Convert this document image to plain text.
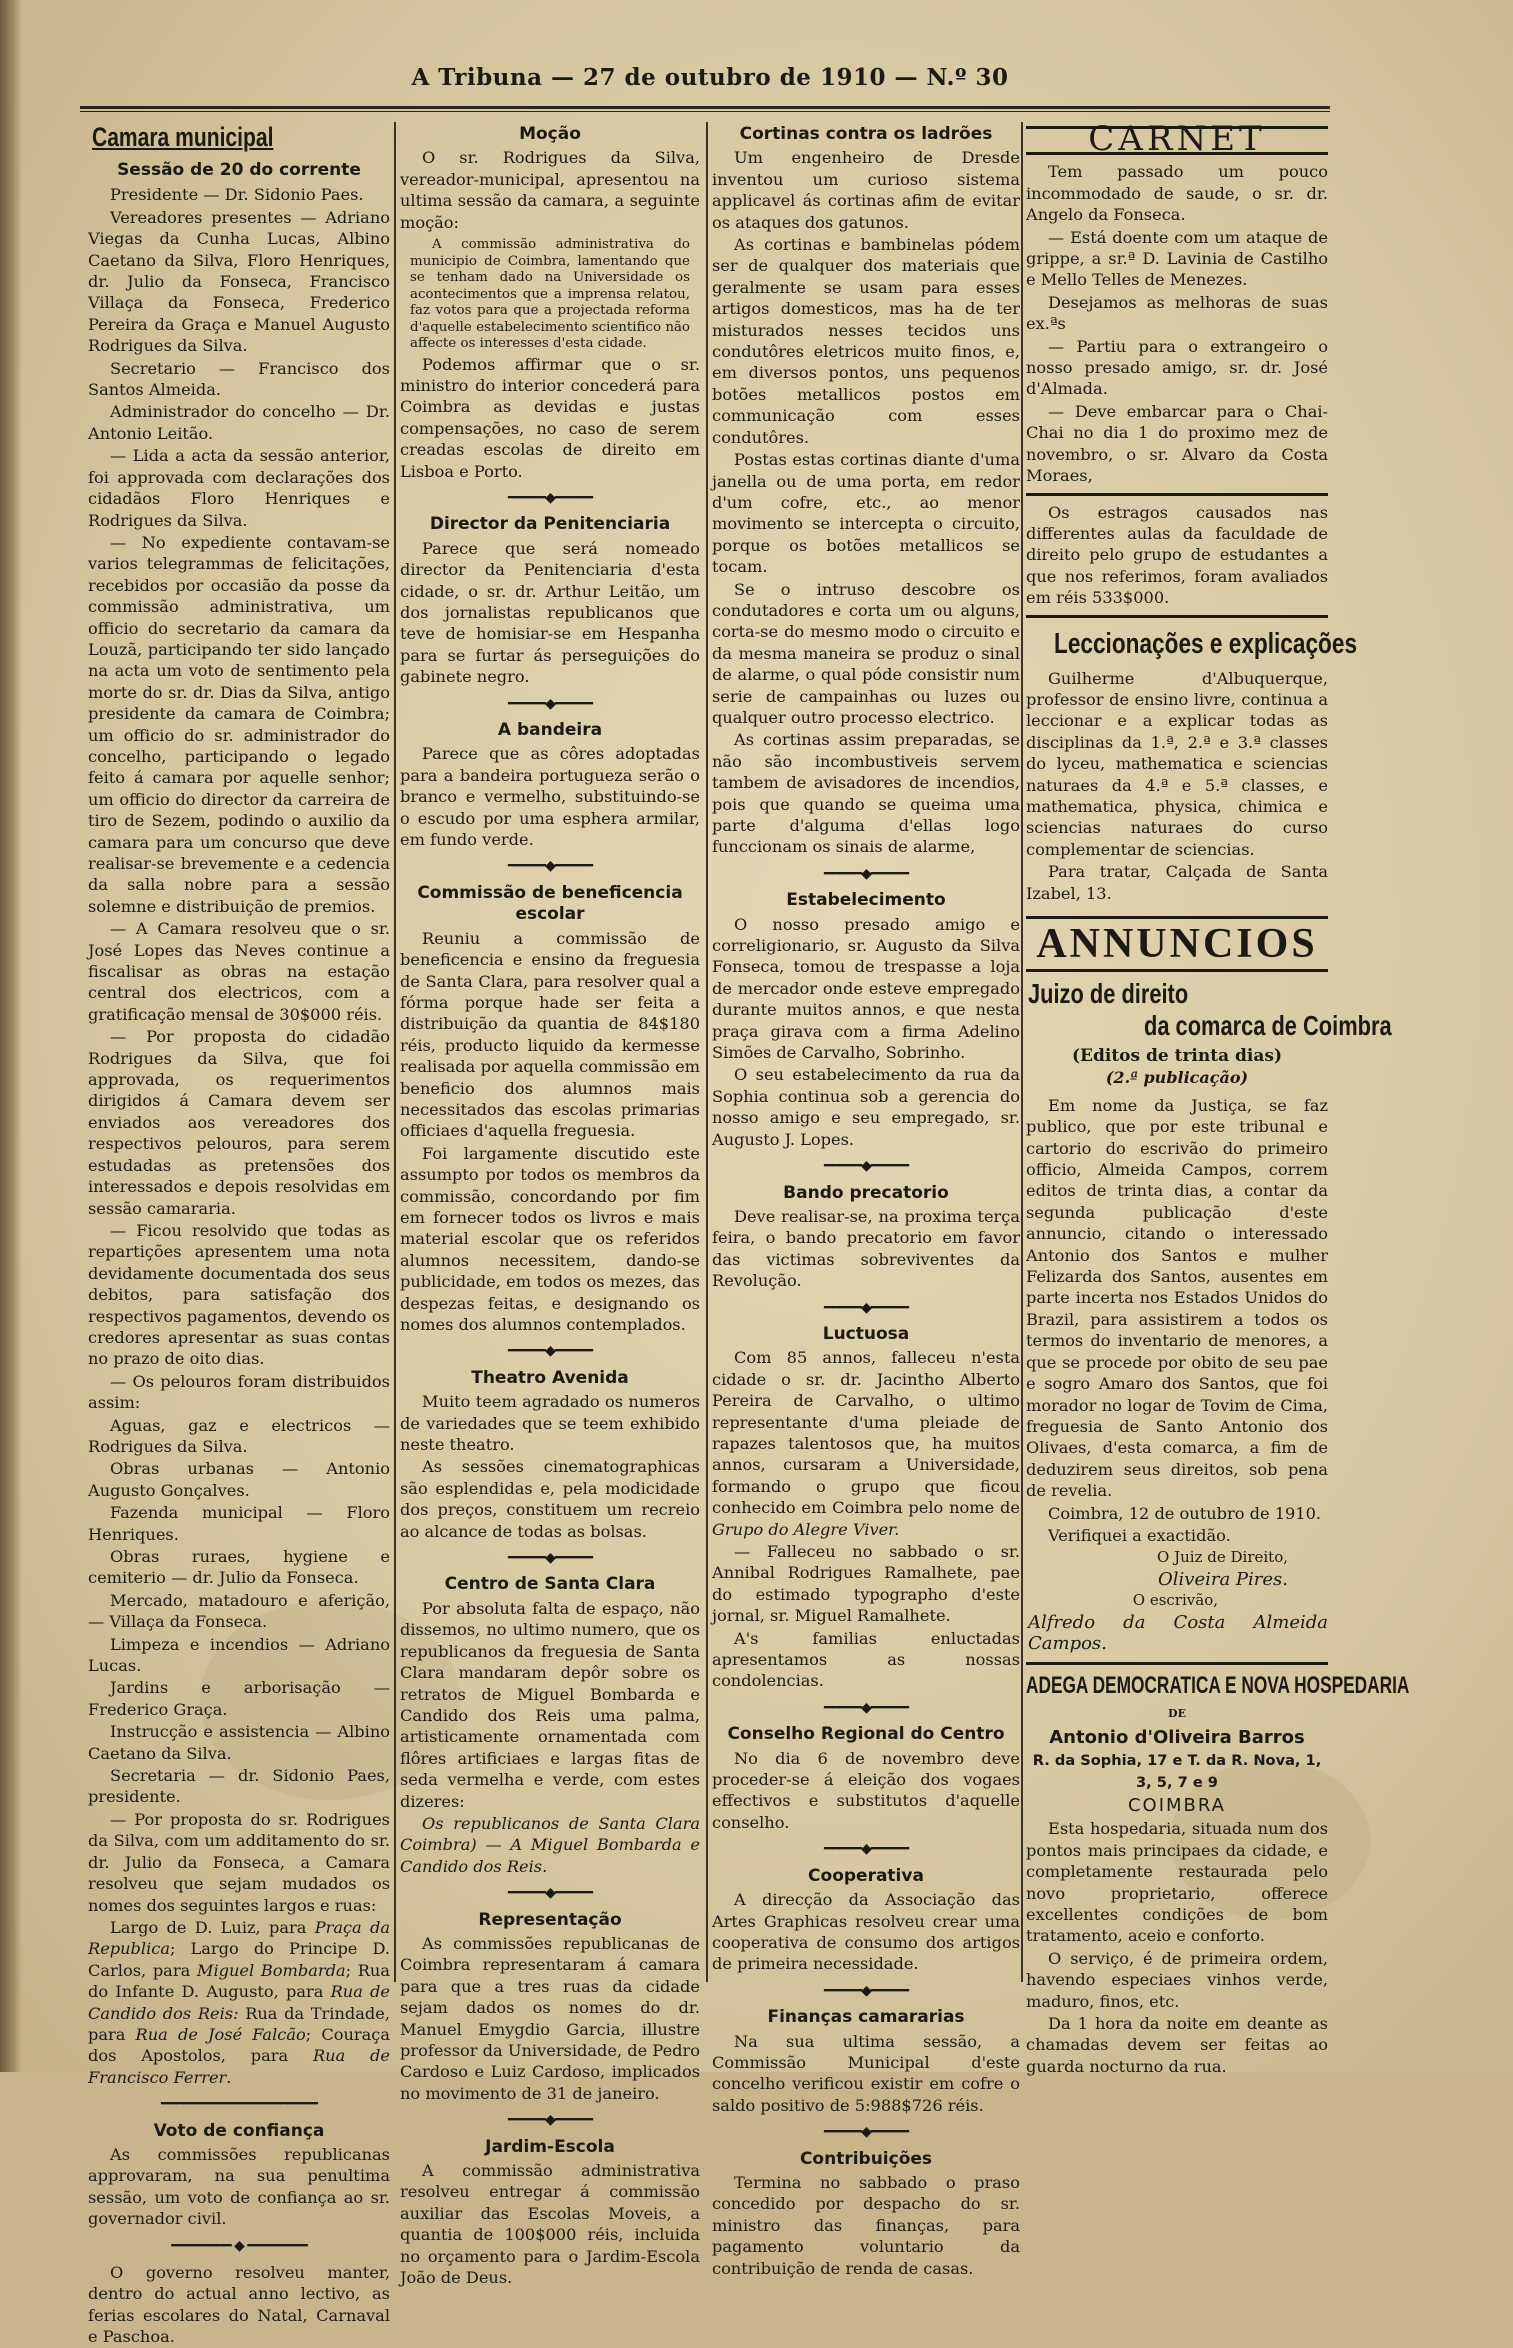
A Tribuna — 27 de outubro de 1910 — N.º 30
Camara municipal
Sessão de 20 do corrente

Presidente — Dr. Sidonio Paes.

Vereadores presentes — Adriano Viegas da Cunha Lucas, Albino Caetano da Silva, Floro Henriques, dr. Julio da Fonseca, Francisco Villaça da Fonseca, Frederico Pereira da Graça e Manuel Augusto Rodrigues da Silva.

Secretario — Francisco dos Santos Almeida.

Administrador do concelho — Dr. Antonio Leitão.

— Lida a acta da sessão anterior, foi approvada com declarações dos cidadãos Floro Henriques e Rodrigues da Silva.

— No expediente contavam-se varios telegrammas de felicitações, recebidos por occasião da posse da commissão administrativa, um officio do secretario da camara da Louzã, participando ter sido lançado na acta um voto de sentimento pela morte do sr. dr. Dias da Silva, antigo presidente da camara de Coimbra; um officio do sr. administrador do concelho, participando o legado feito á camara por aquelle senhor; um officio do director da carreira de tiro de Sezem, podindo o auxilio da camara para um concurso que deve realisar-se brevemente e a cedencia da salla nobre para a sessão solemne e distribuição de premios.

— A Camara resolveu que o sr. José Lopes das Neves continue a fiscalisar as obras na estação central dos electricos, com a gratificação mensal de 30$000 réis.

— Por proposta do cidadão Rodrigues da Silva, que foi approvada, os requerimentos dirigidos á Camara devem ser enviados aos vereadores dos respectivos pelouros, para serem estudadas as pretensões dos interessados e depois resolvidas em sessão camararia.

— Ficou resolvido que todas as repartições apresentem uma nota devidamente documentada dos seus debitos, para satisfação dos respectivos pagamentos, devendo os credores apresentar as suas contas no prazo de oito dias.

— Os pelouros foram distribuidos assim:

Aguas, gaz e electricos — Rodrigues da Silva.

Obras urbanas — Antonio Augusto Gonçalves.

Fazenda municipal — Floro Henriques.

Obras ruraes, hygiene e cemiterio — dr. Julio da Fonseca.

Mercado, matadouro e aferição, — Villaça da Fonseca.

Limpeza e incendios — Adriano Lucas.

Jardins e arborisação — Frederico Graça.

Instrucção e assistencia — Albino Caetano da Silva.

Secretaria — dr. Sidonio Paes, presidente.

— Por proposta do sr. Rodrigues da Silva, com um additamento do sr. dr. Julio da Fonseca, a Camara resolveu que sejam mudados os nomes dos seguintes largos e ruas:

Largo de D. Luiz, para Praça da Republica; Largo do Principe D. Carlos, para Miguel Bombarda; Rua do Infante D. Augusto, para Rua de Candido dos Reis: Rua da Trindade, para Rua de José Falcão; Couraça dos Apostolos, para Rua de Francisco Ferrer.

━━━━━━━━━━━━━━━━━━━━━
Voto de confiança

As commissões republicanas approvaram, na sua penultima sessão, um voto de confiança ao sr. governador civil.

━━━━━━━━ ◆ ━━━━━━━━

O governo resolveu manter, dentro do actual anno lectivo, as ferias escolares do Natal, Carnaval e Paschoa.

Moção

O sr. Rodrigues da Silva, vereador-municipal, apresentou na ultima sessão da camara, a seguinte moção:

A commissão administrativa do municipio de Coimbra, lamentando que se tenham dado na Universidade os acontecimentos que a imprensa relatou, faz votos para que a projectada reforma d'aquelle estabelecimento scientifico não affecte os interesses d'esta cidade.

Podemos affirmar que o sr. ministro do interior concederá para Coimbra as devidas e justas compensações, no caso de serem creadas escolas de direito em Lisboa e Porto.

━━━━━◆━━━━━
Director da Penitenciaria

Parece que será nomeado director da Penitenciaria d'esta cidade, o sr. dr. Arthur Leitão, um dos jornalistas republicanos que teve de homisiar-se em Hespanha para se furtar ás perseguições do gabinete negro.

━━━━━◆━━━━━
A bandeira

Parece que as côres adoptadas para a bandeira portugueza serão o branco e vermelho, substituindo-se o escudo por uma esphera armilar, em fundo verde.

━━━━━◆━━━━━
Commissão de beneficencia escolar

Reuniu a commissão de beneficencia e ensino da freguesia de Santa Clara, para resolver qual a fórma porque hade ser feita a distribuição da quantia de 84$180 réis, producto liquido da kermesse realisada por aquella commissão em beneficio dos alumnos mais necessitados das escolas primarias officiaes d'aquella freguesia.

Foi largamente discutido este assumpto por todos os membros da commissão, concordando por fim em fornecer todos os livros e mais material escolar que os referidos alumnos necessitem, dando-se publicidade, em todos os mezes, das despezas feitas, e designando os nomes dos alumnos contemplados.

━━━━━◆━━━━━
Theatro Avenida

Muito teem agradado os numeros de variedades que se teem exhibido neste theatro.

As sessões cinematographicas são esplendidas e, pela modicidade dos preços, constituem um recreio ao alcance de todas as bolsas.

━━━━━◆━━━━━
Centro de Santa Clara

Por absoluta falta de espaço, não dissemos, no ultimo numero, que os republicanos da freguesia de Santa Clara mandaram depôr sobre os retratos de Miguel Bombarda e Candido dos Reis uma palma, artisticamente ornamentada com flôres artificiaes e largas fitas de seda vermelha e verde, com estes dizeres:

Os republicanos de Santa Clara Coimbra) — A Miguel Bombarda e Candido dos Reis.

━━━━━◆━━━━━
Representação

As commissões republicanas de Coimbra representaram á camara para que a tres ruas da cidade sejam dados os nomes do dr. Manuel Emygdio Garcia, illustre professor da Universidade, de Pedro Cardoso e Luiz Cardoso, implicados no movimento de 31 de janeiro.

━━━━━◆━━━━━
Jardim-Escola

A commissão administrativa resolveu entregar á commissão auxiliar das Escolas Moveis, a quantia de 100$000 réis, incluida no orçamento para o Jardim-Escola João de Deus.

Cortinas contra os ladrões

Um engenheiro de Dresde inventou um curioso sistema applicavel ás cortinas afim de evitar os ataques dos gatunos.

As cortinas e bambinelas pódem ser de qualquer dos materiais que geralmente se usam para esses artigos domesticos, mas ha de ter misturados nesses tecidos uns condutôres eletricos muito finos, e, em diversos pontos, uns pequenos botões metallicos postos em communicação com esses condutôres.

Postas estas cortinas diante d'uma janella ou de uma porta, em redor d'um cofre, etc., ao menor movimento se intercepta o circuito, porque os botões metallicos se tocam.

Se o intruso descobre os condutadores e corta um ou alguns, corta-se do mesmo modo o circuito e da mesma maneira se produz o sinal de alarme, o qual póde consistir num serie de campainhas ou luzes ou qualquer outro processo electrico.

As cortinas assim preparadas, se não são incombustiveis servem tambem de avisadores de incendios, pois que quando se queima uma parte d'alguma d'ellas logo funccionam os sinais de alarme,

━━━━━◆━━━━━
Estabelecimento

O nosso presado amigo e correligionario, sr. Augusto da Silva Fonseca, tomou de trespasse a loja de mercador onde esteve empregado durante muitos annos, e que nesta praça girava com a firma Adelino Simões de Carvalho, Sobrinho.

O seu estabelecimento da rua da Sophia continua sob a gerencia do nosso amigo e seu empregado, sr. Augusto J. Lopes.

━━━━━◆━━━━━
Bando precatorio

Deve realisar-se, na proxima terça feira, o bando precatorio em favor das victimas sobreviventes da Revolução.

━━━━━◆━━━━━
Luctuosa

Com 85 annos, falleceu n'esta cidade o sr. dr. Jacintho Alberto Pereira de Carvalho, o ultimo representante d'uma pleiade de rapazes talentosos que, ha muitos annos, cursaram a Universidade, formando o grupo que ficou conhecido em Coimbra pelo nome de Grupo do Alegre Viver.

— Falleceu no sabbado o sr. Annibal Rodrigues Ramalhete, pae do estimado typographo d'este jornal, sr. Miguel Ramalhete.

A's familias enluctadas apresentamos as nossas condolencias.

━━━━━◆━━━━━
Conselho Regional do Centro

No dia 6 de novembro deve proceder-se á eleição dos vogaes effectivos e substitutos d'aquelle conselho.

━━━━━◆━━━━━
Cooperativa

A direcção da Associação das Artes Graphicas resolveu crear uma cooperativa de consumo dos artigos de primeira necessidade.

━━━━━◆━━━━━
Finanças camararias

Na sua ultima sessão, a Commissão Municipal d'este concelho verificou existir em cofre o saldo positivo de 5:988$726 réis.

━━━━━◆━━━━━
Contribuições

Termina no sabbado o praso concedido por despacho do sr. ministro das finanças, para pagamento voluntario da contribuição de renda de casas.

CARNET

Tem passado um pouco incommodado de saude, o sr. dr. Angelo da Fonseca.

— Está doente com um ataque de grippe, a sr.ª D. Lavinia de Castilho e Mello Telles de Menezes.

Desejamos as melhoras de suas ex.ªs

— Partiu para o extrangeiro o nosso presado amigo, sr. dr. José d'Almada.

— Deve embarcar para o Chai-Chai no dia 1 do proximo mez de novembro, o sr. Alvaro da Costa Moraes,

Os estragos causados nas differentes aulas da faculdade de direito pelo grupo de estudantes a que nos referimos, foram avaliados em réis 533$000.

Leccionações e explicações

Guilherme d'Albuquerque, professor de ensino livre, continua a leccionar e a explicar todas as disciplinas da 1.ª, 2.ª e 3.ª classes do lyceu, mathematica e sciencias naturaes da 4.ª e 5.ª classes, e mathematica, physica, chimica e sciencias naturaes do curso complementar de sciencias.

Para tratar, Calçada de Santa Izabel, 13.

ANNUNCIOS
Juizo de direito
da comarca de Coimbra
(Editos de trinta dias)
(2.ª publicação)

Em nome da Justiça, se faz publico, que por este tribunal e cartorio do escrivão do primeiro officio, Almeida Campos, correm editos de trinta dias, a contar da segunda publicação d'este annuncio, citando o interessado Antonio dos Santos e mulher Felizarda dos Santos, ausentes em parte incerta nos Estados Unidos do Brazil, para assistirem a todos os termos do inventario de menores, a que se procede por obito de seu pae e sogro Amaro dos Santos, que foi morador no logar de Tovim de Cima, freguesia de Santo Antonio dos Olivaes, d'esta comarca, a fim de deduzirem seus direitos, sob pena de revelia.

Coimbra, 12 de outubro de 1910.

Verifiquei a exactidão.

O Juiz de Direito,
Oliveira Pires.
O escrivão,
Alfredo da Costa Almeida Campos.
ADEGA DEMOCRATICA E NOVA HOSPEDARIA
DE
Antonio d'Oliveira Barros
R. da Sophia, 17 e T. da R. Nova, 1, 3, 5, 7 e 9
COIMBRA

Esta hospedaria, situada num dos pontos mais principaes da cidade, e completamente restaurada pelo novo proprietario, offerece excellentes condições de bom tratamento, aceio e conforto.

O serviço, é de primeira ordem, havendo especiaes vinhos verde, maduro, finos, etc.

Da 1 hora da noite em deante as chamadas devem ser feitas ao guarda nocturno da rua.
